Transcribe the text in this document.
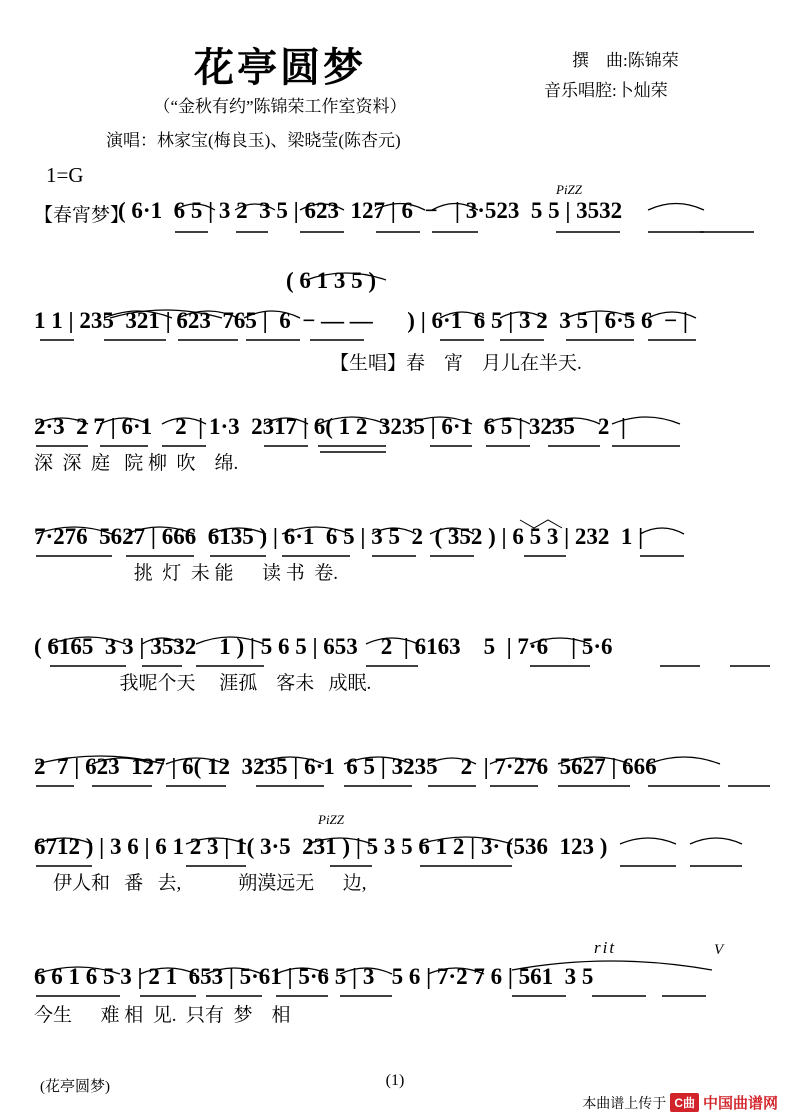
花亭圆梦
（“金秋有约”陈锦荣工作室资料）
演唱：林家宝(梅良玉)、梁晓莹(陈杏元)
撰    曲:陈锦荣
音乐唱腔:卜灿荣
1=G
【春宵梦】
( 6·1  6 5 | 3 2  3 5 | 623  127 | 6  −   | 3·523  5 5 | 3532
PiZZ
( 6 1 3 5 )
1 1 | 235  321 | 623  765 |  6  − — —      ) | 6·1  6 5 | 3 2  3 5 | 6·5 6  − |
【生唱】春    宵    月儿在半天.
2·3  2 7 | 6·1    2  | 1·3  2317 | 6( 1 2  3235 | 6·1  6 5 | 3235    2  |
深  深  庭   院 柳  吹    绵.
7·276  5627 | 666  6135 ) | 6·1  6 5 | 3 5  2  ( 352 ) | 6 5 3 | 232  1 |
挑  灯  未 能      读 书  卷.
( 6165  3 3 | 3532    1 ) | 5 6 5 | 653    2  | 6163    5  | 7·6    | 5·6
我呢个天     涯孤    客未   成眠.
2  7 | 623  127 | 6( 12  3235 | 6·1  6 5 | 3235    2  | 7·276  5627 | 666
6712 ) | 3 6 | 6 1 2 3 | 1( 3·5  231 ) | 5 3 5 6 1 2 | 3· (536  123 )
伊人和   番   去,            朔漠远无      边,
PiZZ
6 6 1 6 5 3 | 2 1  653 | 5·61 | 5·6 5 | 3   5 6 | 7·2 7 6 | 561  3 5
今生      难 相  见.  只有  梦    相
rit	V
(花亭圆梦)	(1)
本曲谱上传于 C曲 中国曲谱网
